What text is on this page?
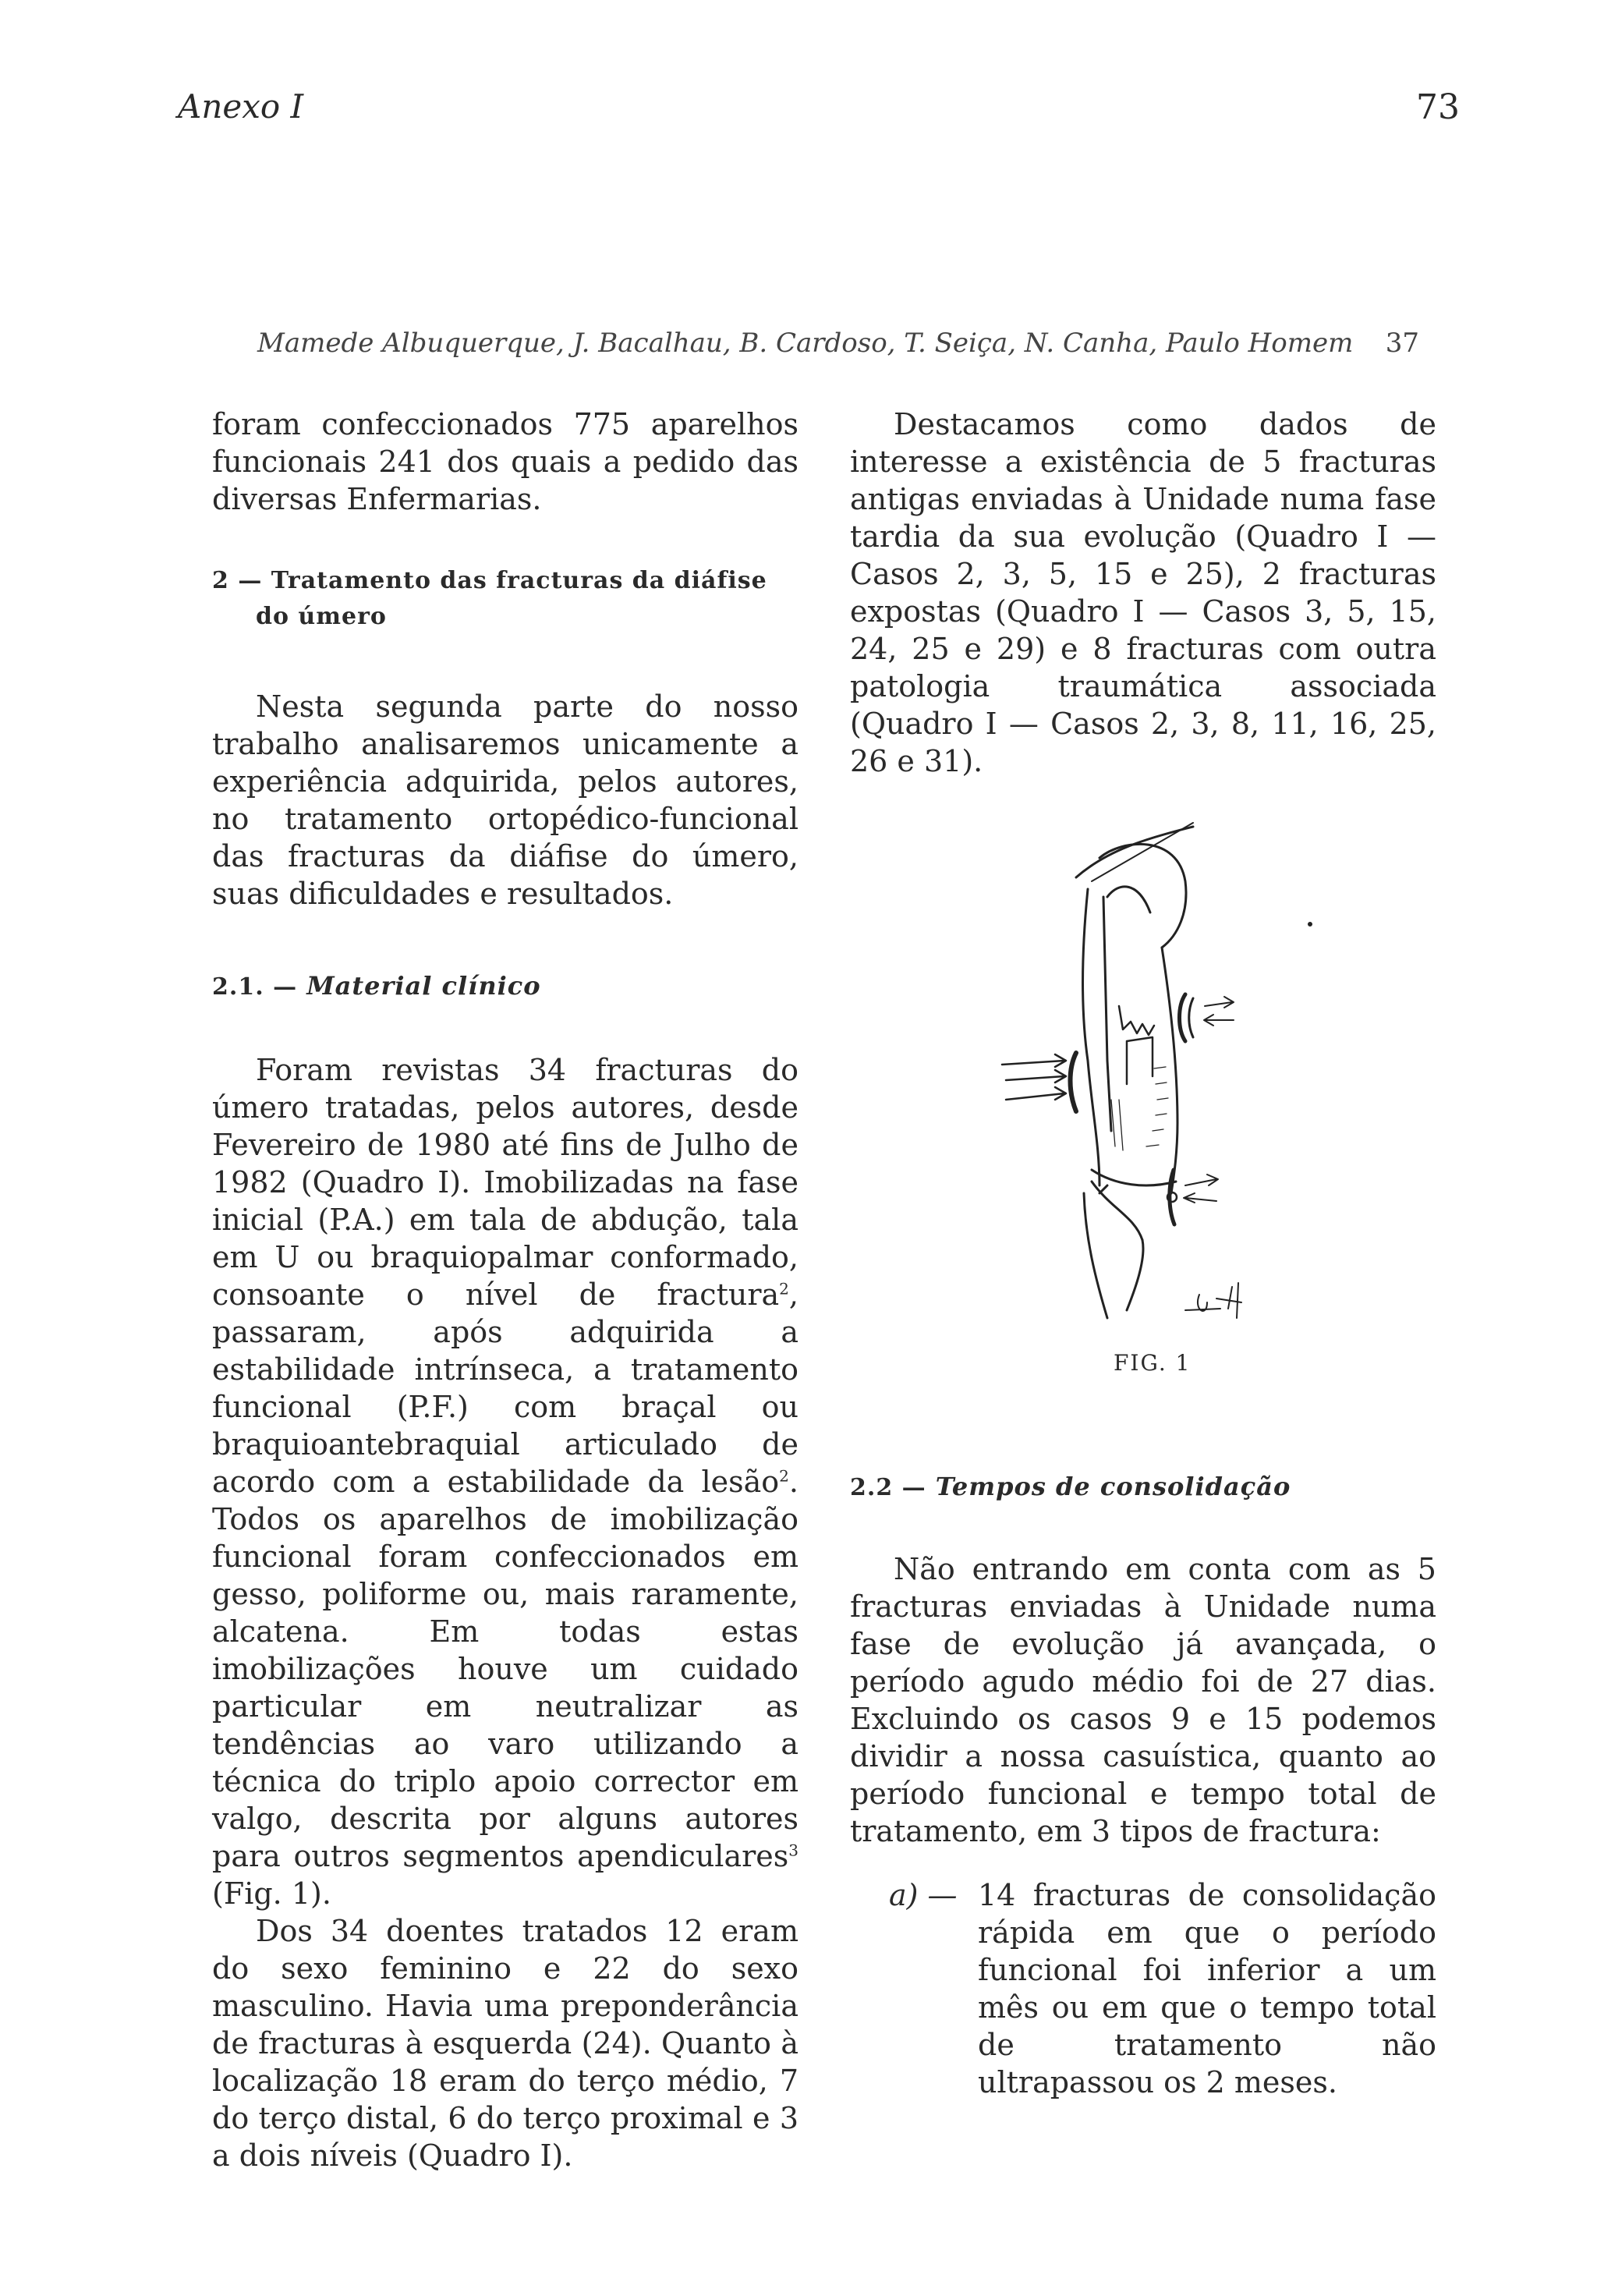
Anexo I	73
Mamede Albuquerque, J. Bacalhau, B. Cardoso, T. Seiça, N. Canha, Paulo Homem 37

foram confeccionados 775 aparelhos funcionais 241 dos quais a pedido das diversas Enfermarias.

2 — Tratamento das fracturas da diáfise
do úmero

Nesta segunda parte do nosso trabalho analisaremos unicamente a experiência adquirida, pelos autores, no tratamento ortopédico-funcional das fracturas da diáfise do úmero, suas dificuldades e resultados.

2.1. — Material clínico

Foram revistas 34 fracturas do úmero tratadas, pelos autores, desde Fevereiro de 1980 até fins de Julho de 1982 (Quadro I). Imobilizadas na fase inicial (P.A.) em tala de abdução, tala em U ou braquiopalmar conformado, consoante o nível de fractura$^2$, passaram, após adquirida a estabilidade intrínseca, a tratamento funcional (P.F.) com braçal ou braquioantebraquial articulado de acordo com a estabilidade da lesão$^2$. Todos os aparelhos de imobilização funcional foram confeccionados em gesso, poliforme ou, mais raramente, alcatena. Em todas estas imobilizações houve um cuidado particular em neutralizar as tendências ao varo utilizando a técnica do triplo apoio corrector em valgo, descrita por alguns autores para outros segmentos apendiculares$^3$ (Fig. 1).

Dos 34 doentes tratados 12 eram do sexo feminino e 22 do sexo masculino. Havia uma preponderância de fracturas à esquerda (24). Quanto à localização 18 eram do terço médio, 7 do terço distal, 6 do terço proximal e 3 a dois níveis (Quadro I).

Destacamos como dados de interesse a existência de 5 fracturas antigas enviadas à Unidade numa fase tardia da sua evolução (Quadro I — Casos 2, 3, 5, 15 e 25), 2 fracturas expostas (Quadro I — Casos 3, 5, 15, 24, 25 e 29) e 8 fracturas com outra patologia traumática associada (Quadro I — Casos 2, 3, 8, 11, 16, 25, 26 e 31).

FIG. 1

2.2 — Tempos de consolidação

Não entrando em conta com as 5 fracturas enviadas à Unidade numa fase de evolução já avançada, o período agudo médio foi de 27 dias. Excluindo os casos 9 e 15 podemos dividir a nossa casuística, quanto ao período funcional e tempo total de tratamento, em 3 tipos de fractura:

a) — 14 fracturas de consolidação rápida em que o período funcional foi inferior a um mês ou em que o tempo total de tratamento não ultrapassou os 2 meses.
